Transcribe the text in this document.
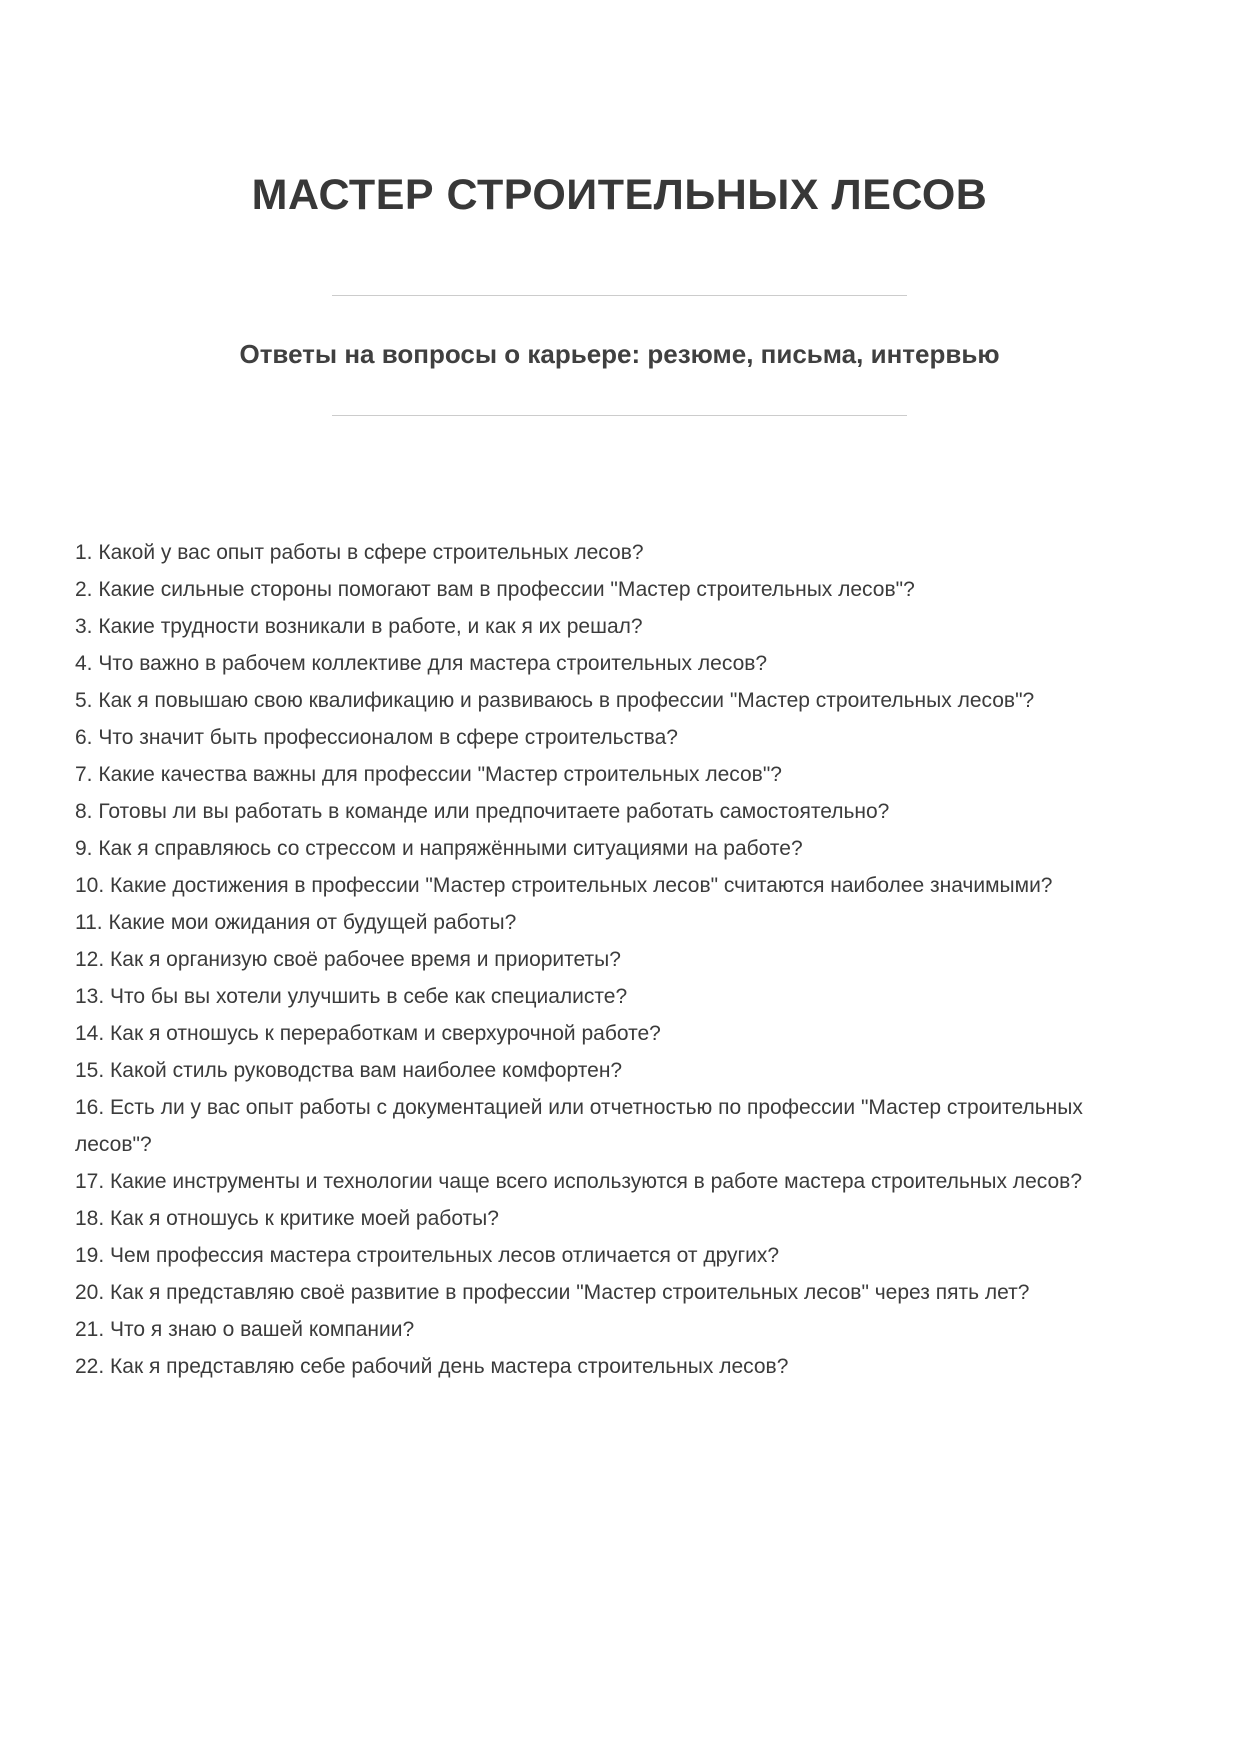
МАСТЕР СТРОИТЕЛЬНЫХ ЛЕСОВ
Ответы на вопросы о карьере: резюме, письма, интервью
1. Какой у вас опыт работы в сфере строительных лесов?
2. Какие сильные стороны помогают вам в профессии "Мастер строительных лесов"?
3. Какие трудности возникали в работе, и как я их решал?
4. Что важно в рабочем коллективе для мастера строительных лесов?
5. Как я повышаю свою квалификацию и развиваюсь в профессии "Мастер строительных лесов"?
6. Что значит быть профессионалом в сфере строительства?
7. Какие качества важны для профессии "Мастер строительных лесов"?
8. Готовы ли вы работать в команде или предпочитаете работать самостоятельно?
9. Как я справляюсь со стрессом и напряжёнными ситуациями на работе?
10. Какие достижения в профессии "Мастер строительных лесов" считаются наиболее значимыми?
11. Какие мои ожидания от будущей работы?
12. Как я организую своё рабочее время и приоритеты?
13. Что бы вы хотели улучшить в себе как специалисте?
14. Как я отношусь к переработкам и сверхурочной работе?
15. Какой стиль руководства вам наиболее комфортен?
16. Есть ли у вас опыт работы с документацией или отчетностью по профессии "Мастер строительных лесов"?
17. Какие инструменты и технологии чаще всего используются в работе мастера строительных лесов?
18. Как я отношусь к критике моей работы?
19. Чем профессия мастера строительных лесов отличается от других?
20. Как я представляю своё развитие в профессии "Мастер строительных лесов" через пять лет?
21. Что я знаю о вашей компании?
22. Как я представляю себе рабочий день мастера строительных лесов?
